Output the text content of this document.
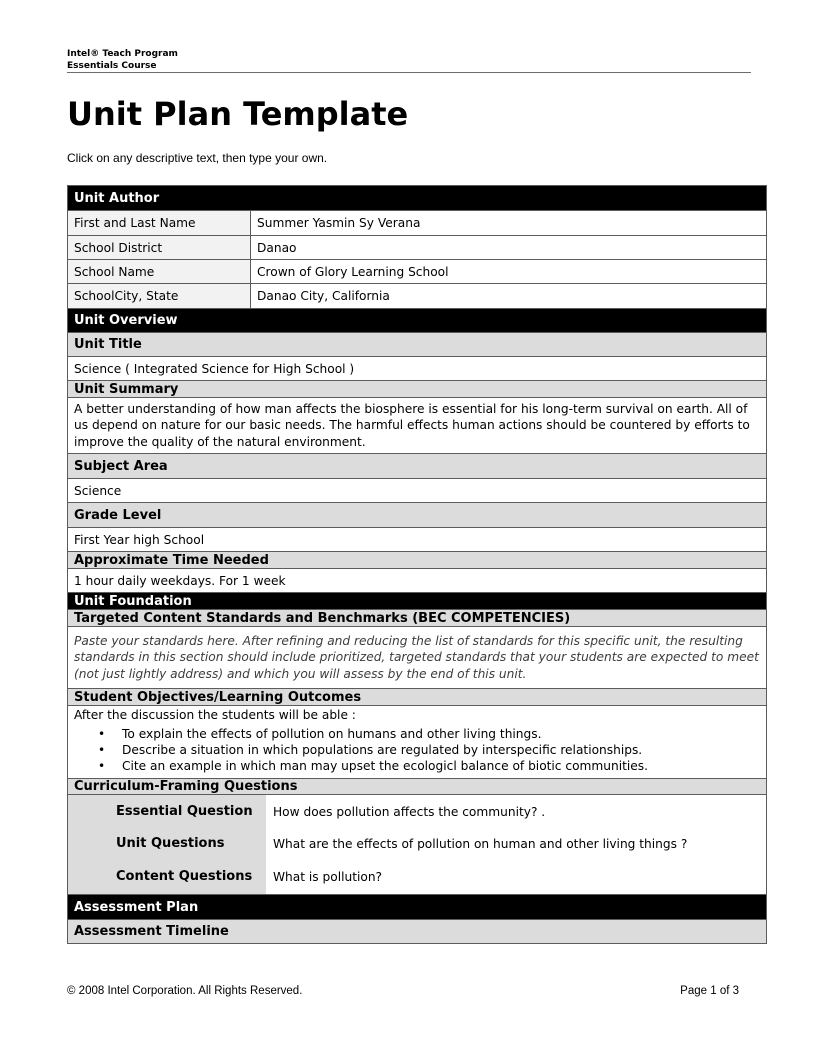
Intel® Teach Program
Essentials Course
Unit Plan Template
Click on any descriptive text, then type your own.
Unit Author
First and Last Name	Summer Yasmin Sy Verana
School District	Danao
School Name	Crown of Glory Learning School
SchoolCity, State	Danao City, California
Unit Overview
Unit Title
Science ( Integrated Science for High School )
Unit Summary
A better understanding of how man affects the biosphere is essential for his long-term survival on earth. All of us depend on nature for our basic needs. The harmful effects human actions should be countered by efforts to improve the quality of the natural environment.
Subject Area
Science
Grade Level
First Year high School
Approximate Time Needed
1 hour daily weekdays. For 1 week
Unit Foundation
Targeted Content Standards and Benchmarks (BEC COMPETENCIES)
Paste your standards here. After refining and reducing the list of standards for this specific unit, the resulting standards in this section should include prioritized, targeted standards that your students are expected to meet (not just lightly address) and which you will assess by the end of this unit.
Student Objectives/Learning Outcomes

After the discussion the students will be able :
• To explain the effects of pollution on humans and other living things.
• Describe a situation in which populations are regulated by interspecific relationships.
• Cite an example in which man may upset the ecologicl balance of biotic communities.

Curriculum-Framing Questions

Essential Question	How does pollution affects the community? .
Unit Questions	What are the effects of pollution on human and other living things ?
Content Questions	What is pollution?

Assessment Plan
Assessment Timeline
© 2008 Intel Corporation. All Rights Reserved.	Page 1 of 3
